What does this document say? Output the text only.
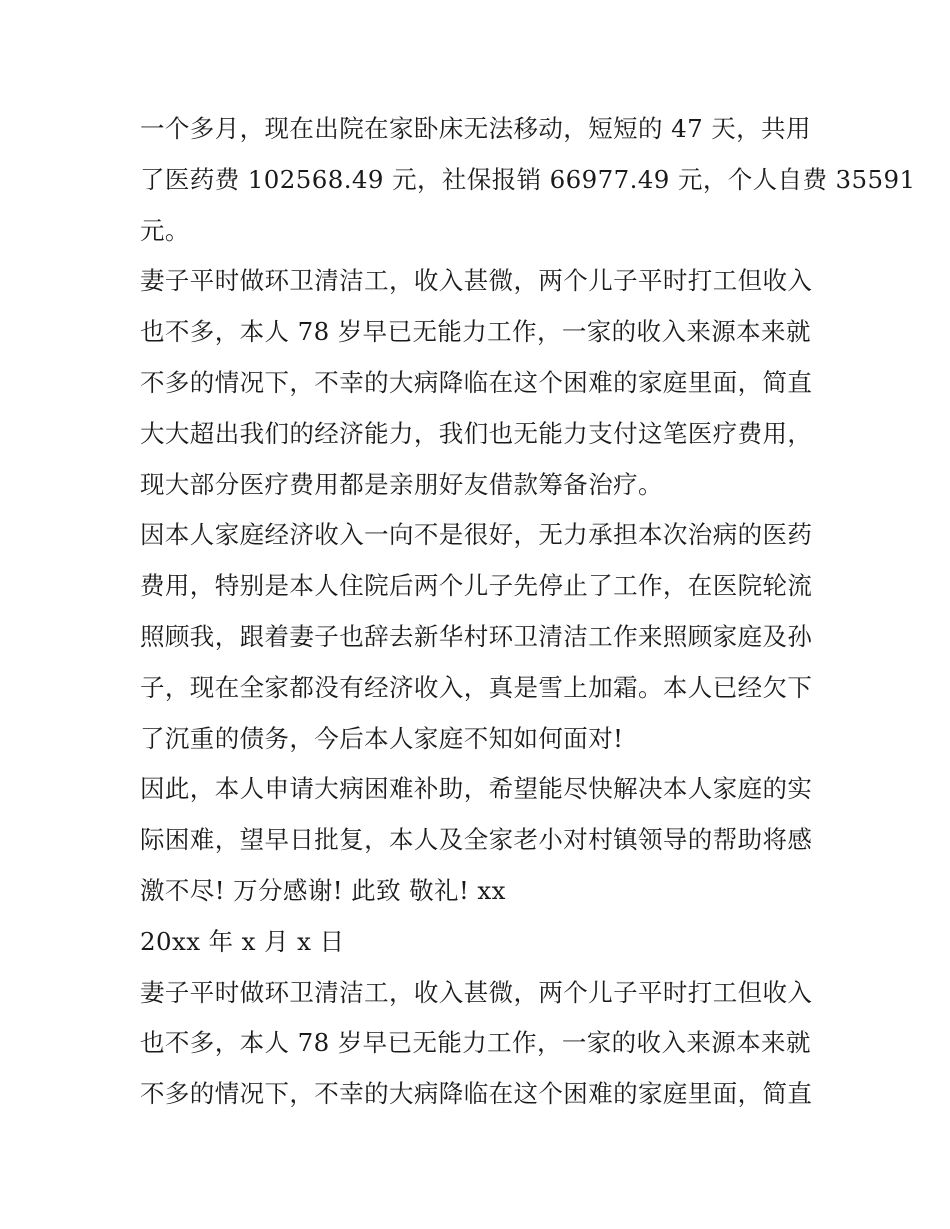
一个多月，现在出院在家卧床无法移动，短短的 47 天，共用
了医药费 102568.49 元，社保报销 66977.49 元，个人自费 35591
元。
妻子平时做环卫清洁工，收入甚微，两个儿子平时打工但收入
也不多，本人 78 岁早已无能力工作，一家的收入来源本来就
不多的情况下，不幸的大病降临在这个困难的家庭里面，简直
大大超出我们的经济能力，我们也无能力支付这笔医疗费用，
现大部分医疗费用都是亲朋好友借款筹备治疗。
因本人家庭经济收入一向不是很好，无力承担本次治病的医药
费用，特别是本人住院后两个儿子先停止了工作，在医院轮流
照顾我，跟着妻子也辞去新华村环卫清洁工作来照顾家庭及孙
子，现在全家都没有经济收入，真是雪上加霜。本人已经欠下
了沉重的债务，今后本人家庭不知如何面对!
因此，本人申请大病困难补助，希望能尽快解决本人家庭的实
际困难，望早日批复，本人及全家老小对村镇领导的帮助将感
激不尽! 万分感谢! 此致 敬礼! xx
20xx 年 x 月 x 日
妻子平时做环卫清洁工，收入甚微，两个儿子平时打工但收入
也不多，本人 78 岁早已无能力工作，一家的收入来源本来就
不多的情况下，不幸的大病降临在这个困难的家庭里面，简直
